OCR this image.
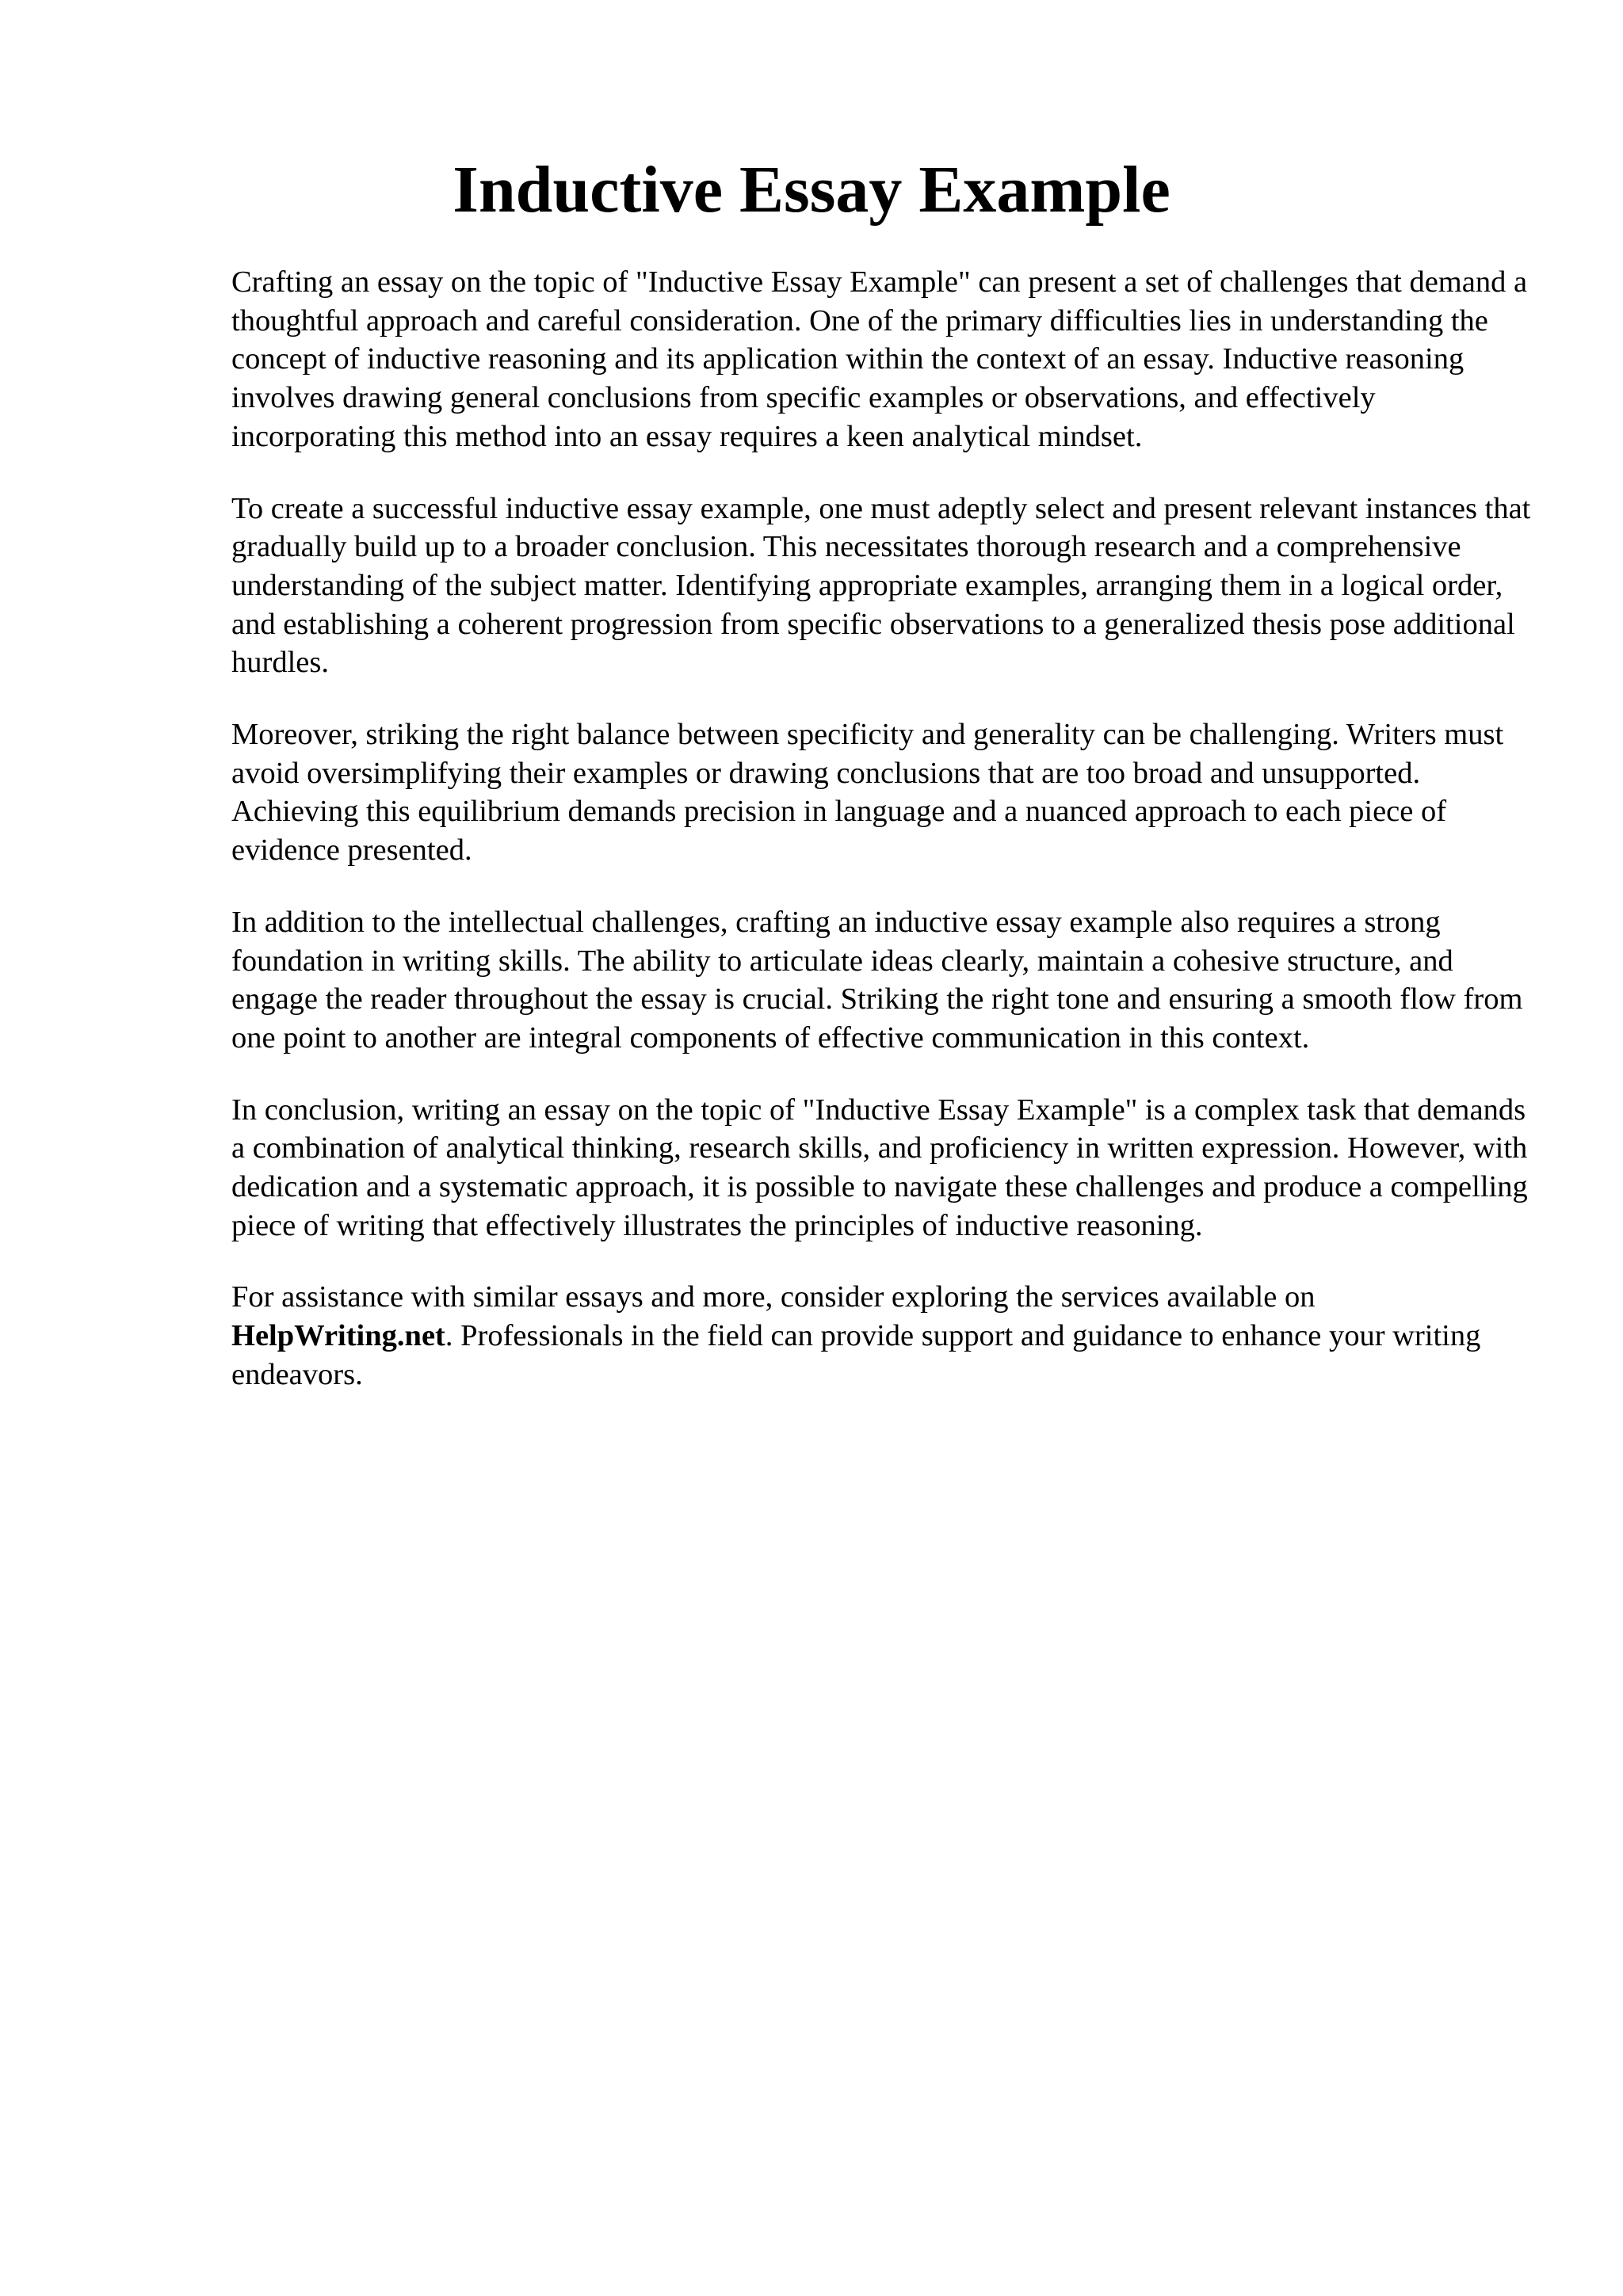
Inductive Essay Example

Crafting an essay on the topic of "Inductive Essay Example" can present a set of challenges that demand a thoughtful approach and careful consideration. One of the primary difficulties lies in understanding the concept of inductive reasoning and its application within the context of an essay. Inductive reasoning involves drawing general conclusions from specific examples or observations, and effectively incorporating this method into an essay requires a keen analytical mindset.

To create a successful inductive essay example, one must adeptly select and present relevant instances that gradually build up to a broader conclusion. This necessitates thorough research and a comprehensive understanding of the subject matter. Identifying appropriate examples, arranging them in a logical order, and establishing a coherent progression from specific observations to a generalized thesis pose additional hurdles.

Moreover, striking the right balance between specificity and generality can be challenging. Writers must avoid oversimplifying their examples or drawing conclusions that are too broad and unsupported. Achieving this equilibrium demands precision in language and a nuanced approach to each piece of evidence presented.

In addition to the intellectual challenges, crafting an inductive essay example also requires a strong foundation in writing skills. The ability to articulate ideas clearly, maintain a cohesive structure, and engage the reader throughout the essay is crucial. Striking the right tone and ensuring a smooth flow from one point to another are integral components of effective communication in this context.

In conclusion, writing an essay on the topic of "Inductive Essay Example" is a complex task that demands a combination of analytical thinking, research skills, and proficiency in written expression. However, with dedication and a systematic approach, it is possible to navigate these challenges and produce a compelling piece of writing that effectively illustrates the principles of inductive reasoning.

For assistance with similar essays and more, consider exploring the services available on HelpWriting.net. Professionals in the field can provide support and guidance to enhance your writing endeavors.
